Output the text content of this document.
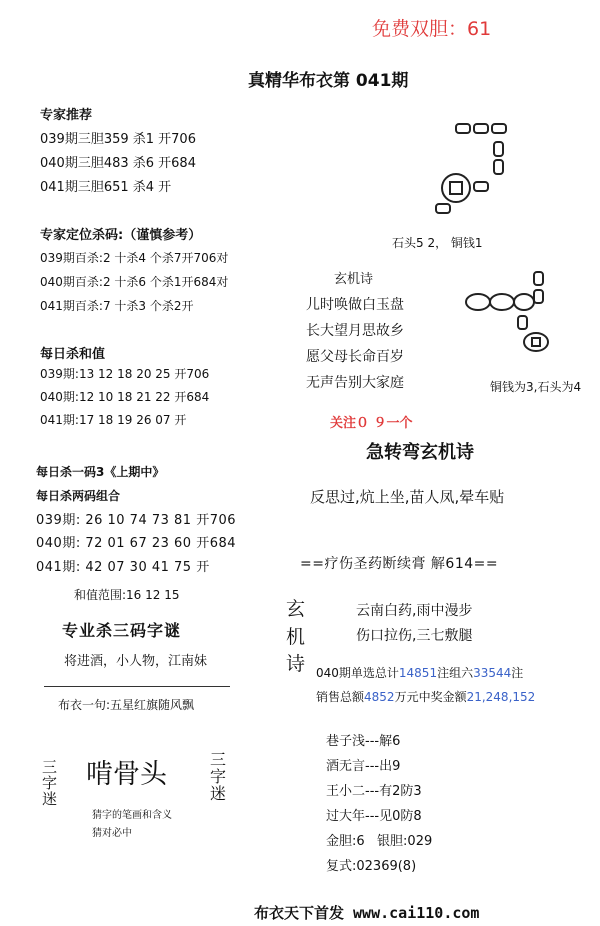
免费双胆：61
真精华布衣第 041期
专家推荐
039期三胆359 杀1 开706
040期三胆483 杀6 开684
041期三胆651 杀4 开
专家定位杀码:（谨慎参考）
039期百杀:2 十杀4 个杀7开706对
040期百杀:2 十杀6 个杀1开684对
041期百杀:7 十杀3 个杀2开
每日杀和值
039期:13 12 18 20 25 开706
040期:12 10 18 21 22 开684
041期:17 18 19 26 07 开
每日杀一码3《上期中》
每日杀两码组合
039期: 26 10 74 73 81 开706
040期: 72 01 67 23 60 开684
041期: 42 07 30 41 75 开
和值范围:16 12 15
专业杀三码字谜
将进酒，小人物，江南妹
布衣一句:五星红旗随风飘
三
字
迷
啃骨头	三
字
迷
猜字的笔画和含义
猜对必中
石头5 2， 铜钱1
玄机诗
儿时唤做白玉盘
长大望月思故乡
愿父母长命百岁
无声告别大家庭	铜钱为3,石头为4
关注０ ９一个
急转弯玄机诗
反思过,炕上坐,苗人凤,晕车贴
==疗伤圣药断续膏 解614==
玄
机
诗
云南白药,雨中漫步
伤口拉伤,三七敷腿
040期单选总计14851注组六33544注
销售总额4852万元中奖金额21,248,152
巷子浅---解6
酒无言---出9
王小二---有2防3
过大年---见0防8
金胆:6   银胆:029
复式:02369(8)
布衣天下首发 www.cai110.com
